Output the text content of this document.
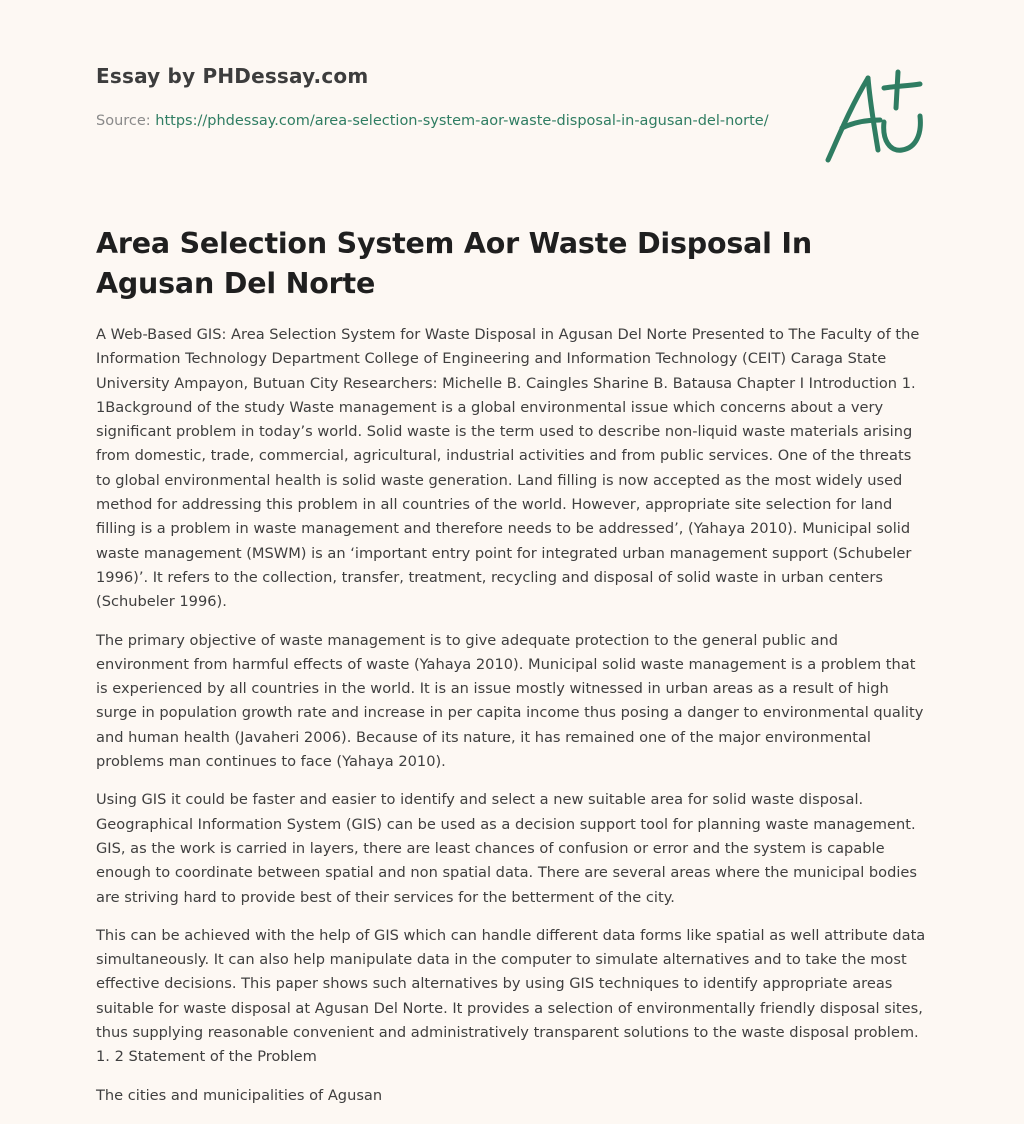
Essay by PHDessay.com
Source: https://phdessay.com/area-selection-system-aor-waste-disposal-in-agusan-del-norte/
Area Selection System Aor Waste Disposal In Agusan Del Norte

A Web-Based GIS: Area Selection System for Waste Disposal in Agusan Del Norte Presented to The Faculty of the Information Technology Department College of Engineering and Information Technology (CEIT) Caraga State University Ampayon, Butuan City Researchers: Michelle B. Caingles Sharine B. Batausa Chapter I Introduction 1. 1Background of the study Waste management is a global environmental issue which concerns about a very significant problem in today’s world. Solid waste is the term used to describe non-liquid waste materials arising from domestic, trade, commercial, agricultural, industrial activities and from public services. One of the threats to global environmental health is solid waste generation. Land filling is now accepted as the most widely used method for addressing this problem in all countries of the world. However, appropriate site selection for land filling is a problem in waste management and therefore needs to be addressed’, (Yahaya 2010). Municipal solid waste management (MSWM) is an ‘important entry point for integrated urban management support (Schubeler 1996)’. It refers to the collection, transfer, treatment, recycling and disposal of solid waste in urban centers (Schubeler 1996).

The primary objective of waste management is to give adequate protection to the general public and environment from harmful effects of waste (Yahaya 2010). Municipal solid waste management is a problem that is experienced by all countries in the world. It is an issue mostly witnessed in urban areas as a result of high surge in population growth rate and increase in per capita income thus posing a danger to environmental quality and human health (Javaheri 2006). Because of its nature, it has remained one of the major environmental problems man continues to face (Yahaya 2010).

Using GIS it could be faster and easier to identify and select a new suitable area for solid waste disposal. Geographical Information System (GIS) can be used as a decision support tool for planning waste management. GIS, as the work is carried in layers, there are least chances of confusion or error and the system is capable enough to coordinate between spatial and non spatial data. There are several areas where the municipal bodies are striving hard to provide best of their services for the betterment of the city.

This can be achieved with the help of GIS which can handle different data forms like spatial as well attribute data simultaneously. It can also help manipulate data in the computer to simulate alternatives and to take the most effective decisions. This paper shows such alternatives by using GIS techniques to identify appropriate areas suitable for waste disposal at Agusan Del Norte. It provides a selection of environmentally friendly disposal sites, thus supplying reasonable convenient and administratively transparent solutions to the waste disposal problem. 1. 2 Statement of the Problem

The cities and municipalities of Agusan
